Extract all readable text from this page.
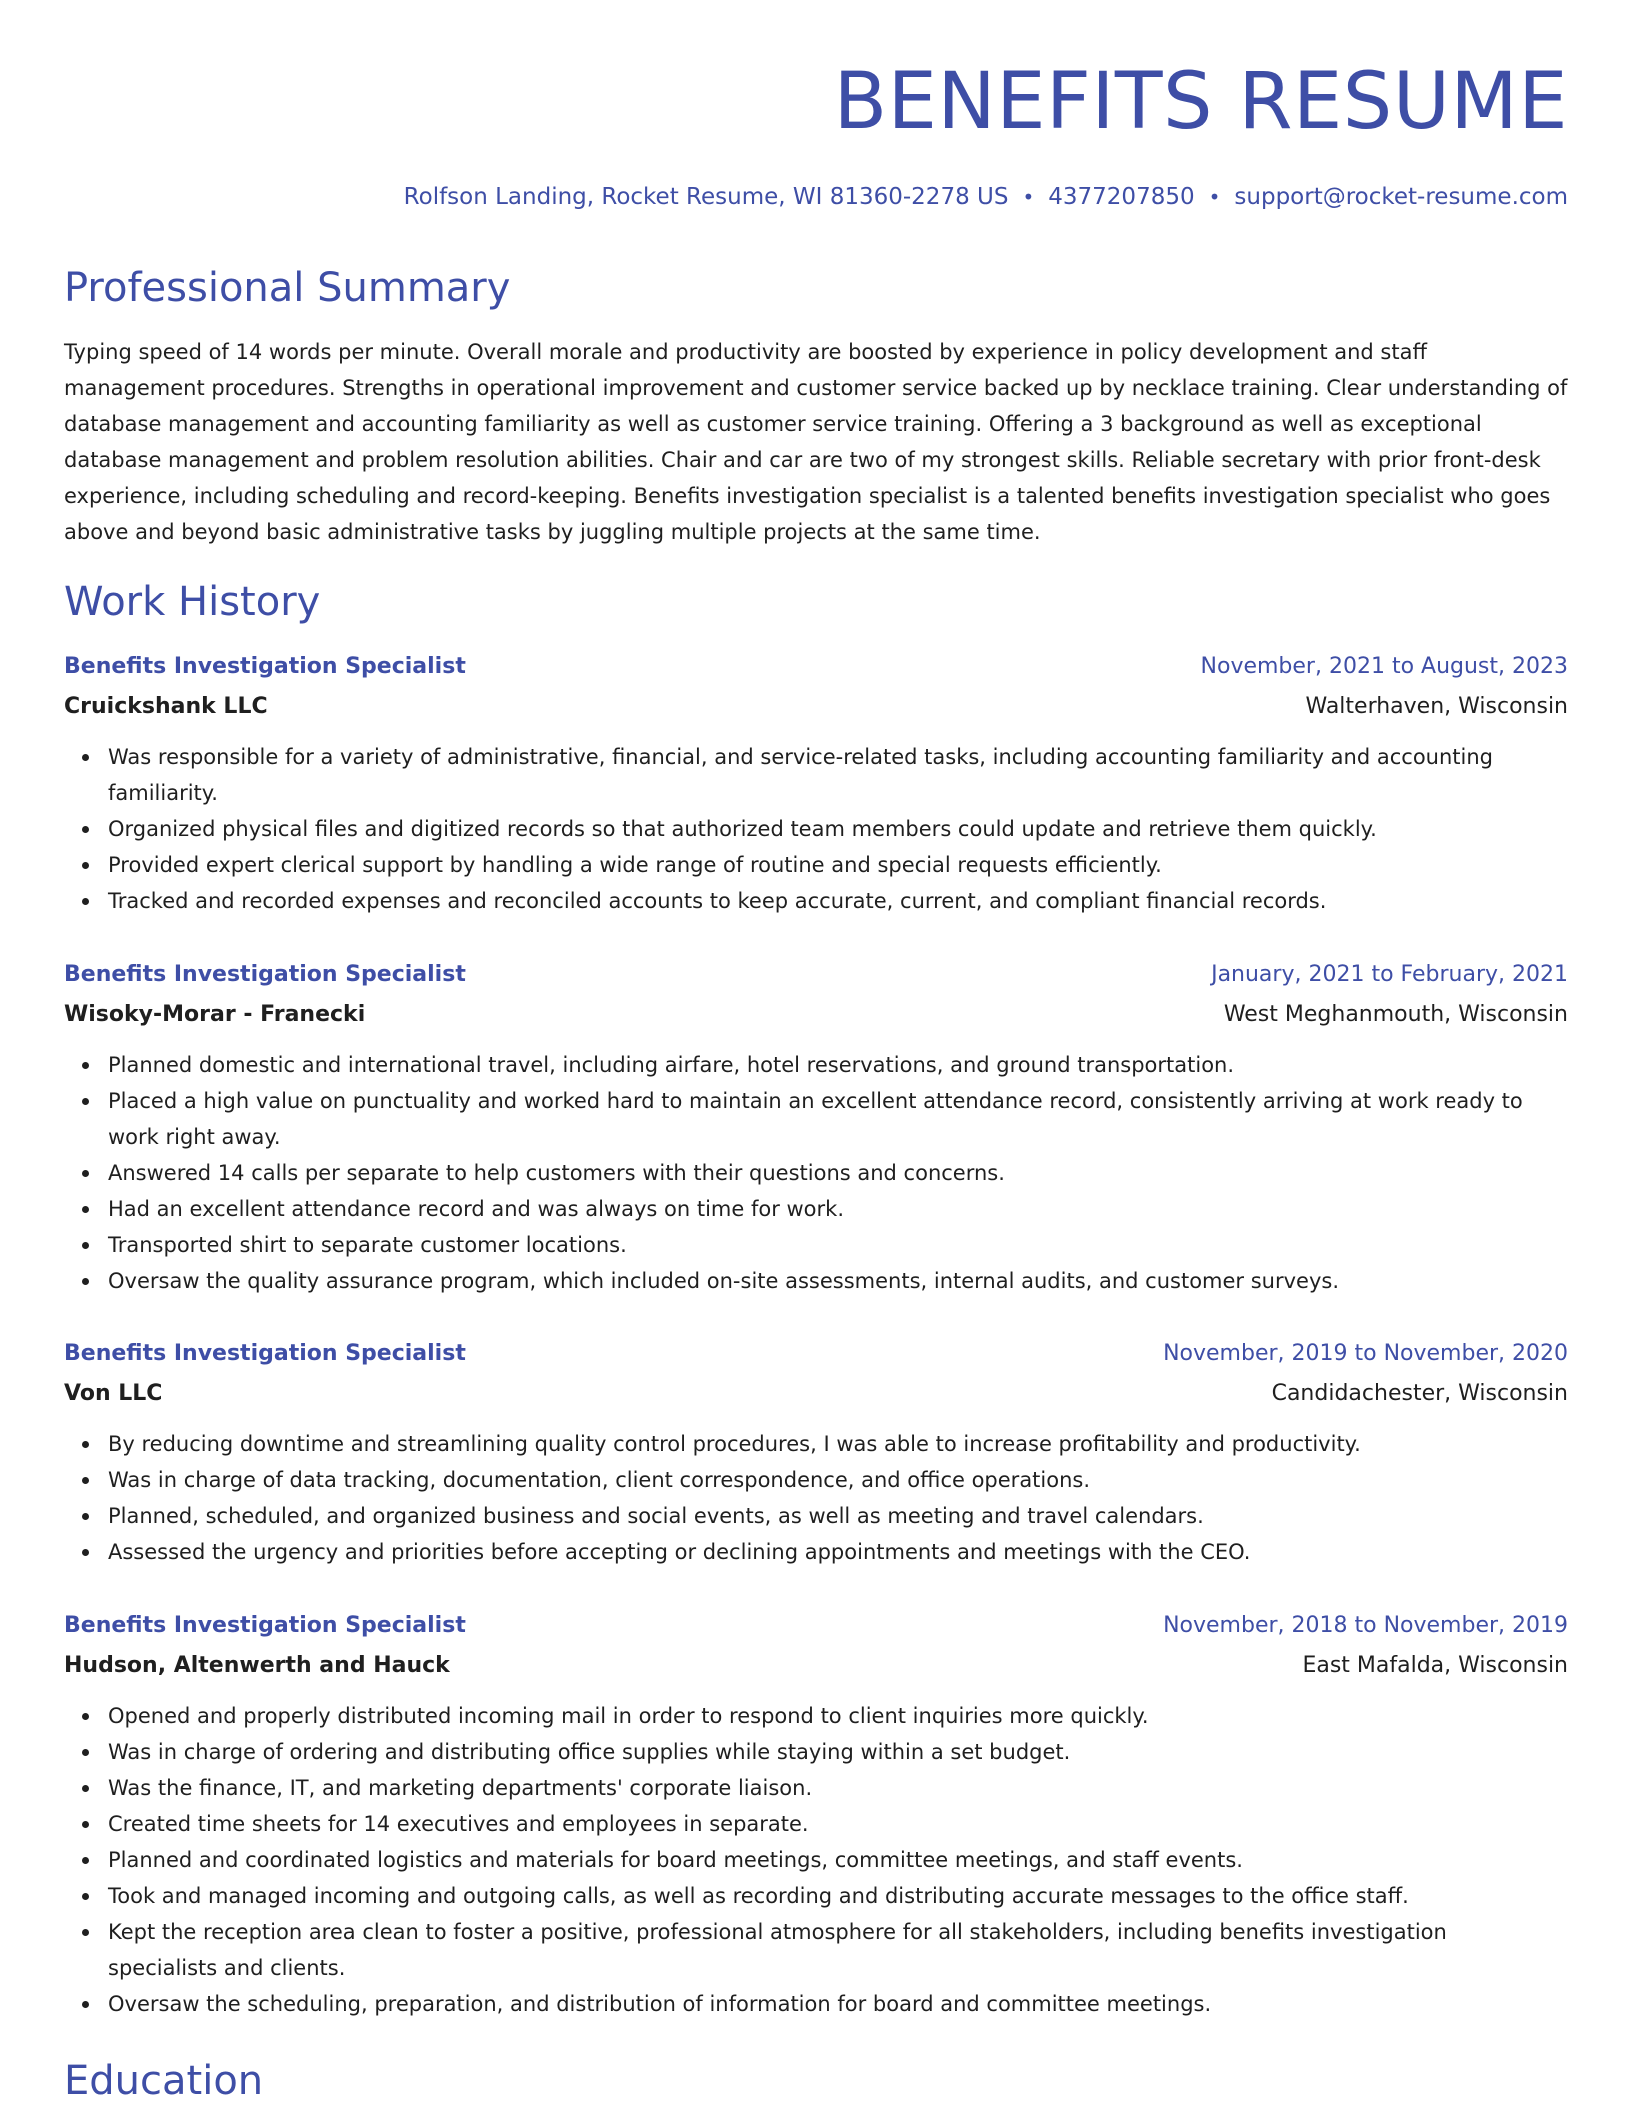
BENEFITS RESUME
Rolfson Landing, Rocket Resume, WI 81360-2278 US • 4377207850 • support@rocket-resume.com
Professional Summary

Typing speed of 14 words per minute. Overall morale and productivity are boosted by experience in policy development and staff management procedures. Strengths in operational improvement and customer service backed up by necklace training. Clear understanding of database management and accounting familiarity as well as customer service training. Offering a 3 background as well as exceptional database management and problem resolution abilities. Chair and car are two of my strongest skills. Reliable secretary with prior front-desk experience, including scheduling and record-keeping. Benefits investigation specialist is a talented benefits investigation specialist who goes above and beyond basic administrative tasks by juggling multiple projects at the same time.

Work History
Benefits Investigation Specialist	November, 2021 to August, 2023
Cruickshank LLC	Walterhaven, Wisconsin
Was responsible for a variety of administrative, financial, and service-related tasks, including accounting familiarity and accounting familiarity.
Organized physical files and digitized records so that authorized team members could update and retrieve them quickly.
Provided expert clerical support by handling a wide range of routine and special requests efficiently.
Tracked and recorded expenses and reconciled accounts to keep accurate, current, and compliant financial records.
Benefits Investigation Specialist	January, 2021 to February, 2021
Wisoky-Morar - Franecki	West Meghanmouth, Wisconsin
Planned domestic and international travel, including airfare, hotel reservations, and ground transportation.
Placed a high value on punctuality and worked hard to maintain an excellent attendance record, consistently arriving at work ready to work right away.
Answered 14 calls per separate to help customers with their questions and concerns.
Had an excellent attendance record and was always on time for work.
Transported shirt to separate customer locations.
Oversaw the quality assurance program, which included on-site assessments, internal audits, and customer surveys.
Benefits Investigation Specialist	November, 2019 to November, 2020
Von LLC	Candidachester, Wisconsin
By reducing downtime and streamlining quality control procedures, I was able to increase profitability and productivity.
Was in charge of data tracking, documentation, client correspondence, and office operations.
Planned, scheduled, and organized business and social events, as well as meeting and travel calendars.
Assessed the urgency and priorities before accepting or declining appointments and meetings with the CEO.
Benefits Investigation Specialist	November, 2018 to November, 2019
Hudson, Altenwerth and Hauck	East Mafalda, Wisconsin
Opened and properly distributed incoming mail in order to respond to client inquiries more quickly.
Was in charge of ordering and distributing office supplies while staying within a set budget.
Was the finance, IT, and marketing departments' corporate liaison.
Created time sheets for 14 executives and employees in separate.
Planned and coordinated logistics and materials for board meetings, committee meetings, and staff events.
Took and managed incoming and outgoing calls, as well as recording and distributing accurate messages to the office staff.
Kept the reception area clean to foster a positive, professional atmosphere for all stakeholders, including benefits investigation specialists and clients.
Oversaw the scheduling, preparation, and distribution of information for board and committee meetings.
Education
